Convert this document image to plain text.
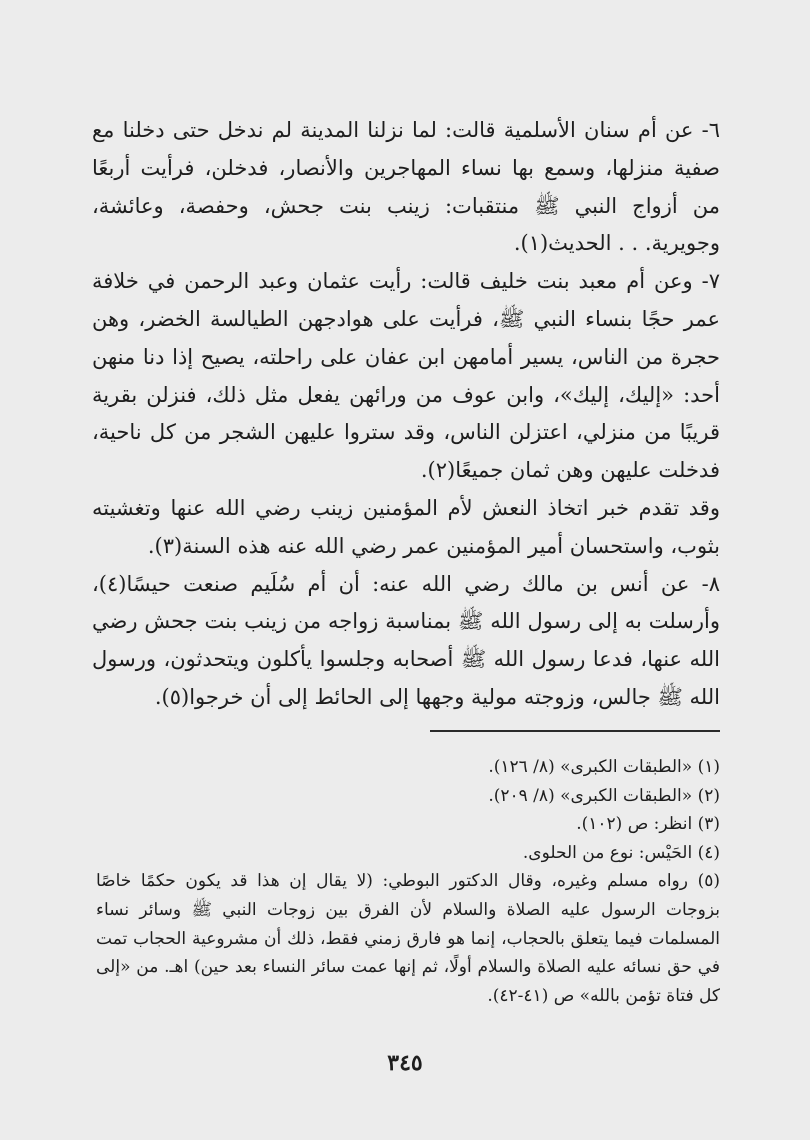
٦- عن أم سنان الأسلمية قالت: لما نزلنا المدينة لم ندخل حتى دخلنا مع صفية منزلها، وسمع بها نساء المهاجرين والأنصار، فدخلن، فرأيت أربعًا من أزواج النبي ﷺ منتقبات: زينب بنت جحش، وحفصة، وعائشة، وجويرية. . . الحديث(١).

٧- وعن أم معبد بنت خليف قالت: رأيت عثمان وعبد الرحمن في خلافة عمر حجًا بنساء النبي ﷺ، فرأيت على هوادجهن الطيالسة الخضر، وهن حجرة من الناس، يسير أمامهن ابن عفان على راحلته، يصيح إذا دنا منهن أحد: «إليك، إليك»، وابن عوف من ورائهن يفعل مثل ذلك، فنزلن بقرية قريبًا من منزلي، اعتزلن الناس، وقد ستروا عليهن الشجر من كل ناحية، فدخلت عليهن وهن ثمان جميعًا(٢).

وقد تقدم خبر اتخاذ النعش لأم المؤمنين زينب رضي الله عنها وتغشيته بثوب، واستحسان أمير المؤمنين عمر رضي الله عنه هذه السنة(٣).

٨- عن أنس بن مالك رضي الله عنه: أن أم سُلَيم صنعت حيسًا(٤)، وأرسلت به إلى رسول الله ﷺ بمناسبة زواجه من زينب بنت جحش رضي الله عنها، فدعا رسول الله ﷺ أصحابه وجلسوا يأكلون ويتحدثون، ورسول الله ﷺ جالس، وزوجته مولية وجهها إلى الحائط إلى أن خرجوا(٥).

(١) «الطبقات الكبرى» (٨/ ١٢٦).

(٢) «الطبقات الكبرى» (٨/ ٢٠٩).

(٣) انظر: ص (١٠٢).

(٤) الحَيْس: نوع من الحلوى.

(٥) رواه مسلم وغيره، وقال الدكتور البوطي: (لا يقال إن هذا قد يكون حكمًا خاصًا بزوجات الرسول عليه الصلاة والسلام لأن الفرق بين زوجات النبي ﷺ وسائر نساء المسلمات فيما يتعلق بالحجاب، إنما هو فارق زمني فقط، ذلك أن مشروعية الحجاب تمت في حق نسائه عليه الصلاة والسلام أولًا، ثم إنها عمت سائر النساء بعد حين) اهـ. من «إلى كل فتاة تؤمن بالله» ص (٤١-٤٢).

٣٤٥
